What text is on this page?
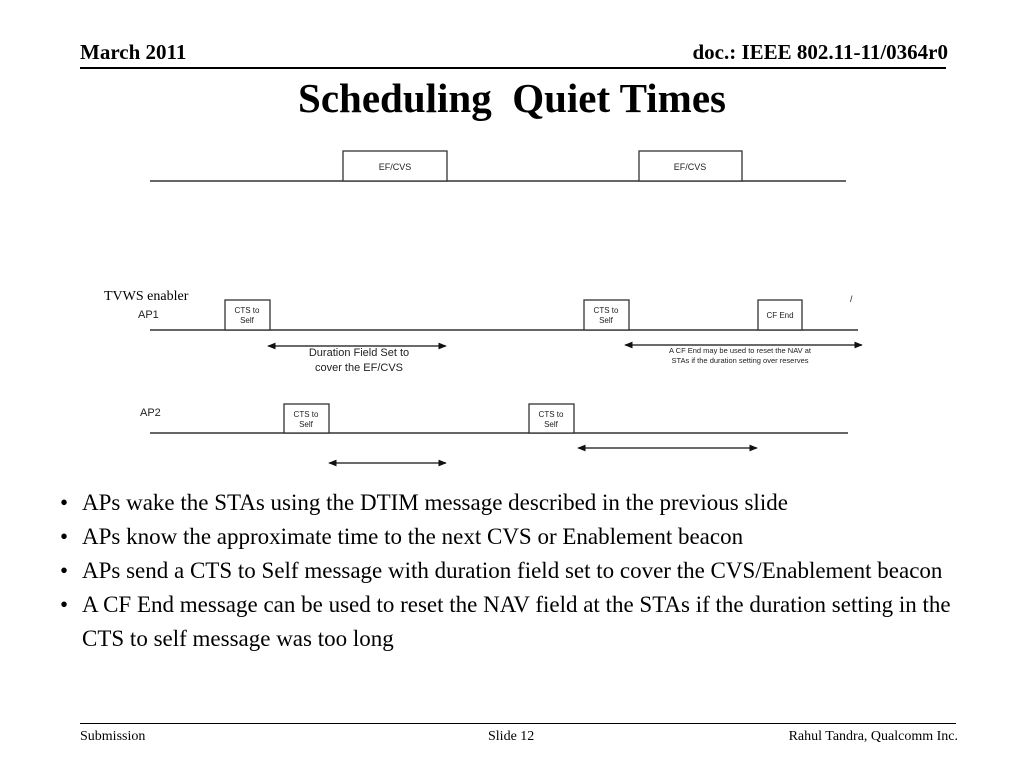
March 2011	doc.: IEEE 802.11-11/0364r0
Scheduling  Quiet Times
EF/CVS	EF/CVS
AP1
/
CTS to
Self
CTS to
Self
CF End
Duration Field Set to
cover the EF/CVS
A CF End may be used to reset the NAV at
STAs if the duration setting over reserves
AP2	CTS to
Self
CTS to
Self
TVWS enabler
• APs wake the STAs using the DTIM message described in the previous slide
• APs know the approximate time to the next CVS or Enablement beacon
• APs send a CTS to Self message with duration field set to cover the CVS/Enablement beacon
• A CF End message can be used to reset the NAV field at the STAs if the duration setting in the CTS to self message was too long
Submission	Slide 12	Rahul Tandra, Qualcomm Inc.
